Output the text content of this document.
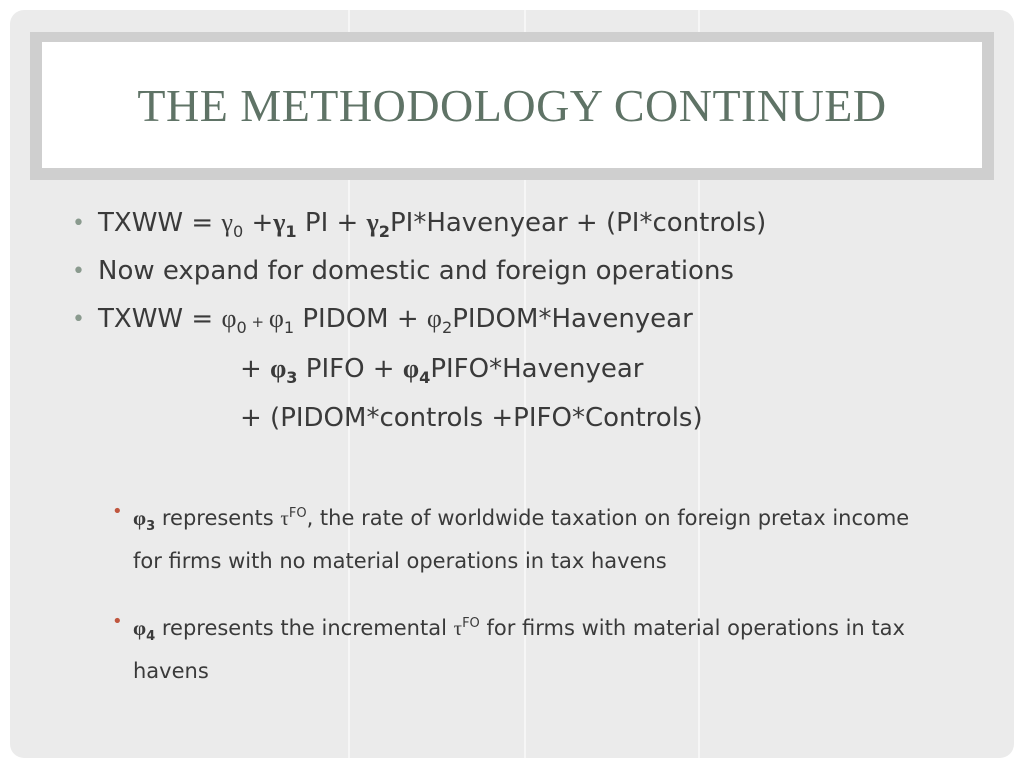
THE METHODOLOGY CONTINUED
• TXWW = $\gamma_0 +\gamma_1$ PI + $\gamma_2PI*Havenyear$ + (PI*controls)
• Now expand for domestic and foreign operations
• TXWW = $\varphi_0 + \varphi_1$ PIDOM + $\varphi_2PIDOM*Havenyear$
+ $\varphi_3$ PIFO + $\varphi_4PIFO*Havenyear$
+ (PIDOM*controls +PIFO*Controls)
• $\varphi_3$ represents $\tau^{FO}$, the rate of worldwide taxation on foreign pretax income for firms with no material operations in tax havens
• $\varphi_4$ represents the incremental $\tau^{FO}$ for firms with material operations in tax havens
